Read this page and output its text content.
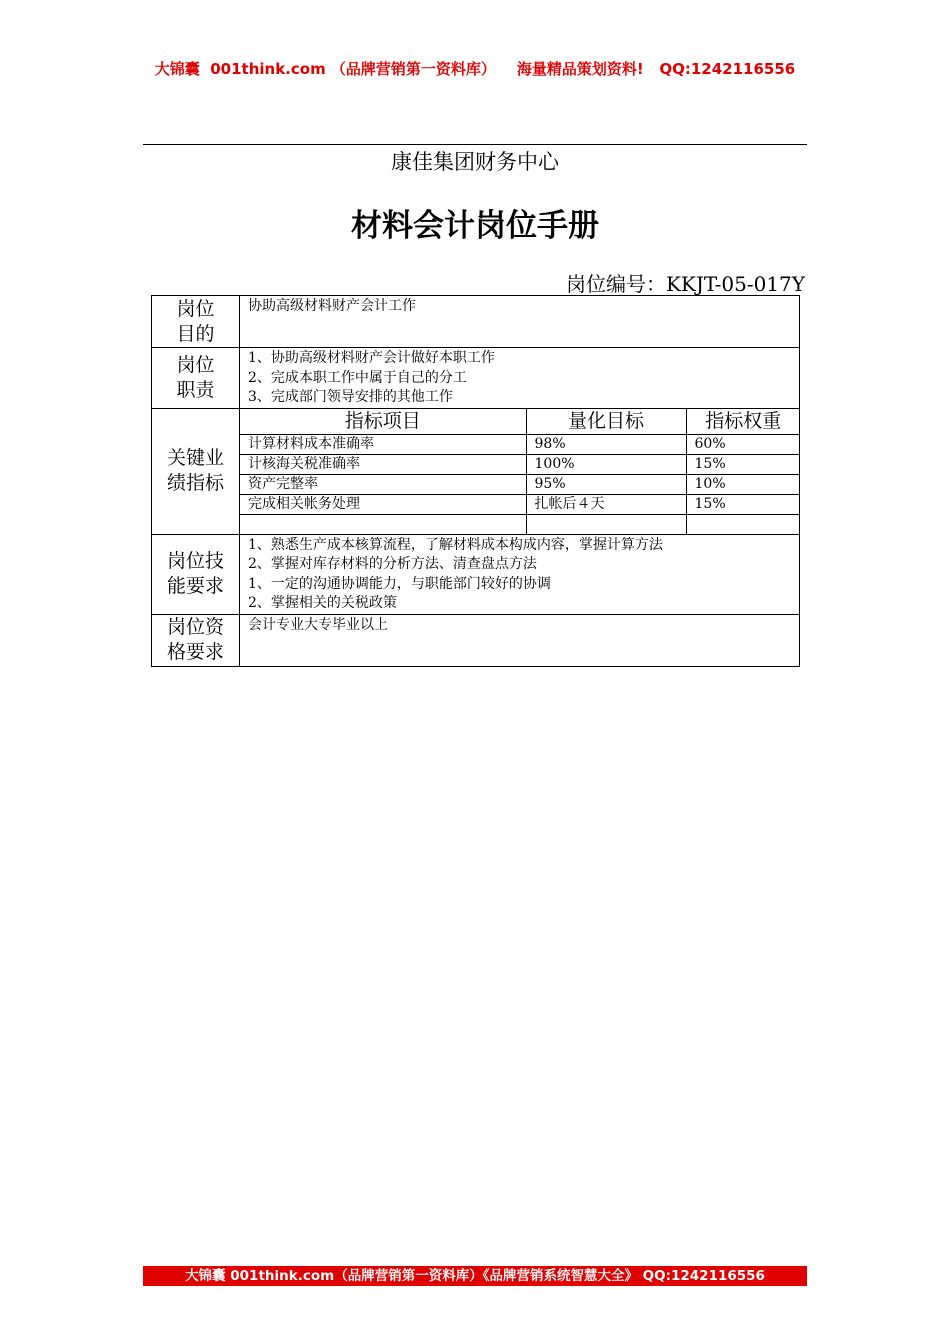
大锦囊  001think.com （品牌营销第一资料库）    海量精品策划资料!   QQ:1242116556
康佳集团财务中心
材料会计岗位手册
岗位编号：KKJT-05-017Y
岗位目的	
协助高级材料财产会计工作

岗位职责	
1、协助高级材料财产会计做好本职工作
2、完成本职工作中属于自己的分工
3、完成部门领导安排的其他工作

关键业绩指标	
指标项目	量化目标	指标权重
计算材料成本准确率	98%	60%
计核海关税准确率	100%	15%
资产完整率	95%	10%
完成相关帐务处理	扎帐后４天	15%

岗位技能要求	
1、熟悉生产成本核算流程，了解材料成本构成内容，掌握计算方法
2、掌握对库存材料的分析方法、清查盘点方法
1、一定的沟通协调能力，与职能部门较好的协调
2、掌握相关的关税政策

岗位资格要求	
会计专业大专毕业以上
大锦囊 001think.com（品牌营销第一资料库）《品牌营销系统智慧大全》 QQ:1242116556
